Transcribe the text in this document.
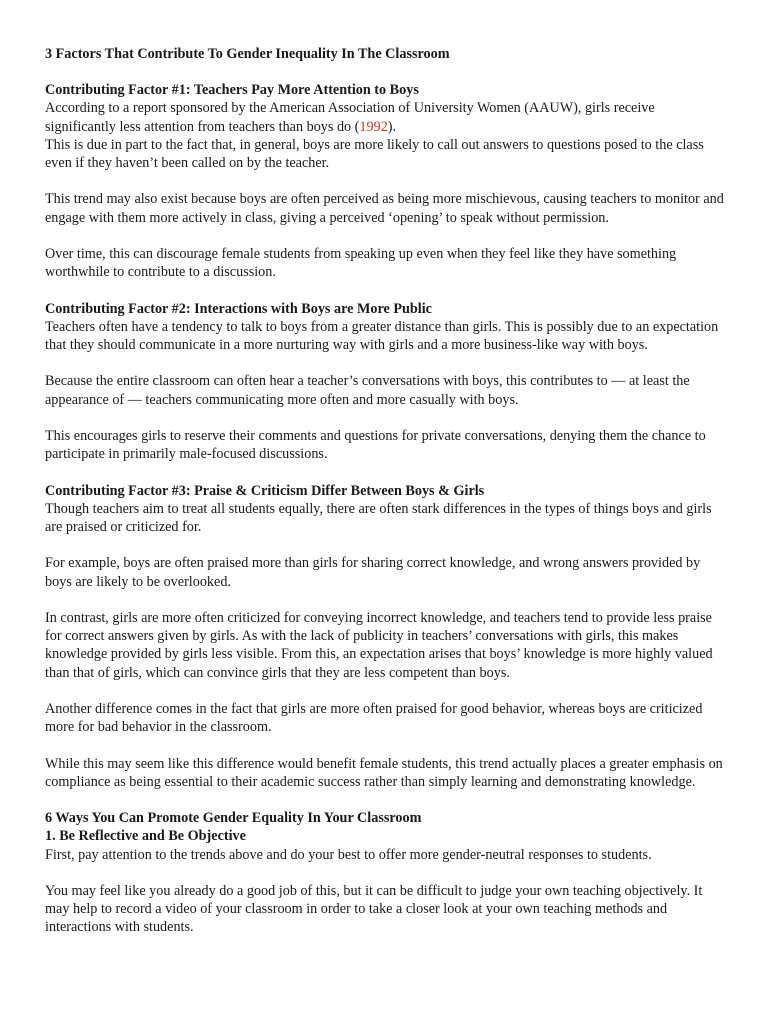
3 Factors That Contribute To Gender Inequality In The Classroom
Contributing Factor #1: Teachers Pay More Attention to Boys
According to a report sponsored by the American Association of University Women (AAUW), girls receive significantly less attention from teachers than boys do (1992).

This is due in part to the fact that, in general, boys are more likely to call out answers to questions posed to the class even if they haven’t been called on by the teacher.

This trend may also exist because boys are often perceived as being more mischievous, causing teachers to monitor and engage with them more actively in class, giving a perceived ‘opening’ to speak without permission.

Over time, this can discourage female students from speaking up even when they feel like they have something worthwhile to contribute to a discussion.

Contributing Factor #2: Interactions with Boys are More Public

Teachers often have a tendency to talk to boys from a greater distance than girls. This is possibly due to an expectation that they should communicate in a more nurturing way with girls and a more business-like way with boys.

Because the entire classroom can often hear a teacher’s conversations with boys, this contributes to — at least the appearance of — teachers communicating more often and more casually with boys.

This encourages girls to reserve their comments and questions for private conversations, denying them the chance to participate in primarily male-focused discussions.

Contributing Factor #3: Praise & Criticism Differ Between Boys & Girls

Though teachers aim to treat all students equally, there are often stark differences in the types of things boys and girls are praised or criticized for.

For example, boys are often praised more than girls for sharing correct knowledge, and wrong answers provided by boys are likely to be overlooked.

In contrast, girls are more often criticized for conveying incorrect knowledge, and teachers tend to provide less praise for correct answers given by girls. As with the lack of publicity in teachers’ conversations with girls, this makes knowledge provided by girls less visible. From this, an expectation arises that boys’ knowledge is more highly valued than that of girls, which can convince girls that they are less competent than boys.

Another difference comes in the fact that girls are more often praised for good behavior, whereas boys are criticized more for bad behavior in the classroom.

While this may seem like this difference would benefit female students, this trend actually places a greater emphasis on compliance as being essential to their academic success rather than simply learning and demonstrating knowledge.

6 Ways You Can Promote Gender Equality In Your Classroom
1. Be Reflective and Be Objective

First, pay attention to the trends above and do your best to offer more gender-neutral responses to students.

You may feel like you already do a good job of this, but it can be difficult to judge your own teaching objectively. It may help to record a video of your classroom in order to take a closer look at your own teaching methods and interactions with students.
